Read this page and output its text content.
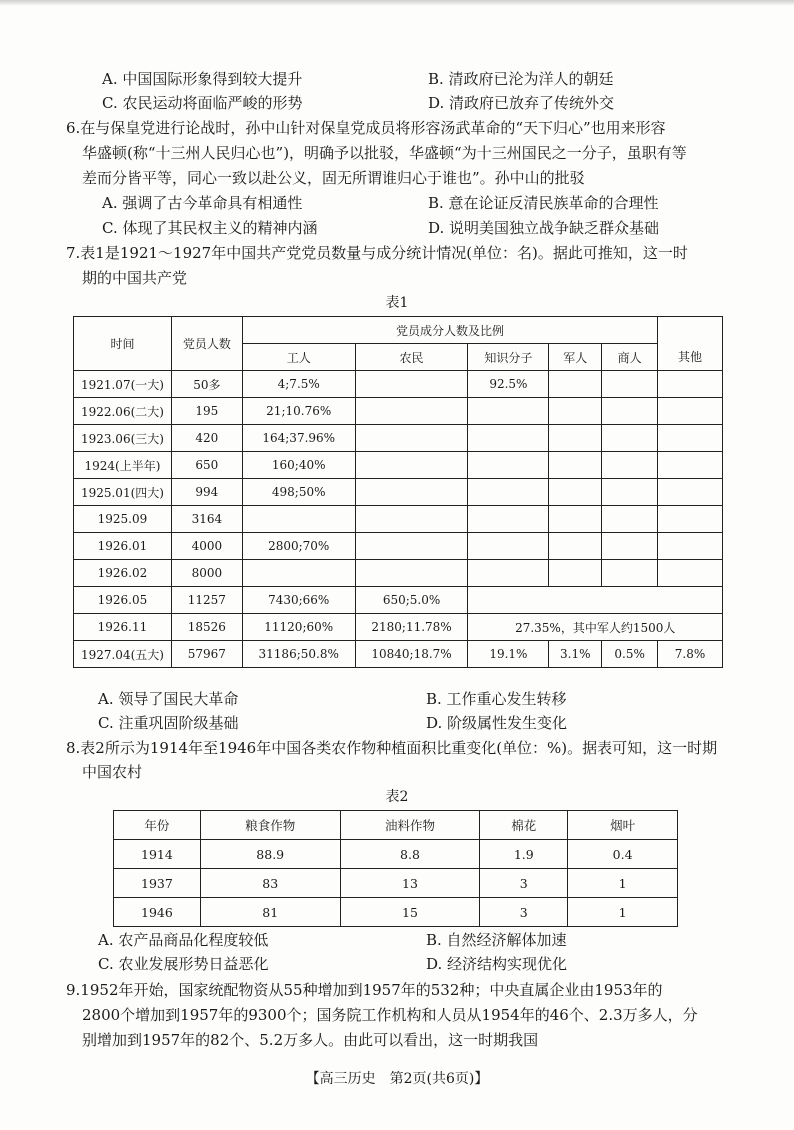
A. 中国国际形象得到较大提升	B. 清政府已沦为洋人的朝廷
C. 农民运动将面临严峻的形势	D. 清政府已放弃了传统外交
6.在与保皇党进行论战时，孙中山针对保皇党成员将形容汤武革命的“天下归心”也用来形容
华盛顿(称“十三州人民归心也”)，明确予以批驳，华盛顿“为十三州国民之一分子，虽职有等
差而分皆平等，同心一致以赴公义，固无所谓谁归心于谁也”。孙中山的批驳
A. 强调了古今革命具有相通性	B. 意在论证反清民族革命的合理性
C. 体现了其民权主义的精神内涵	D. 说明美国独立战争缺乏群众基础
7.表1是1921～1927年中国共产党党员数量与成分统计情况(单位：名)。据此可推知，这一时
期的中国共产党
表1
时间	党员人数	党员成分人数及比例					
		工人	农民	知识分子	军人	商人	其他
1921.07(一大)	50多	4;7.5%		92.5%			
1922.06(二大)	195	21;10.76%					
1923.06(三大)	420	164;37.96%					
1924(上半年)	650	160;40%					
1925.01(四大)	994	498;50%					
1925.09	3164						
1926.01	4000	2800;70%					
1926.02	8000						
1926.05	11257	7430;66%	650;5.0%				
1926.11	18526	11120;60%	2180;11.78%	27.35%，其中军人约1500人			
1927.04(五大)	57967	31186;50.8%	10840;18.7%	19.1%	3.1%	0.5%	7.8%
A. 领导了国民大革命	B. 工作重心发生转移
C. 注重巩固阶级基础	D. 阶级属性发生变化
8.表2所示为1914年至1946年中国各类农作物种植面积比重变化(单位：%)。据表可知，这一时期
中国农村
表2
年份	粮食作物	油料作物	棉花	烟叶
1914	88.9	8.8	1.9	0.4
1937	83	13	3	1
1946	81	15	3	1
A. 农产品商品化程度较低	B. 自然经济解体加速
C. 农业发展形势日益恶化	D. 经济结构实现优化
9.1952年开始，国家统配物资从55种增加到1957年的532种；中央直属企业由1953年的
2800个增加到1957年的9300个；国务院工作机构和人员从1954年的46个、2.3万多人，分
别增加到1957年的82个、5.2万多人。由此可以看出，这一时期我国
【高三历史　第2页(共6页)】
